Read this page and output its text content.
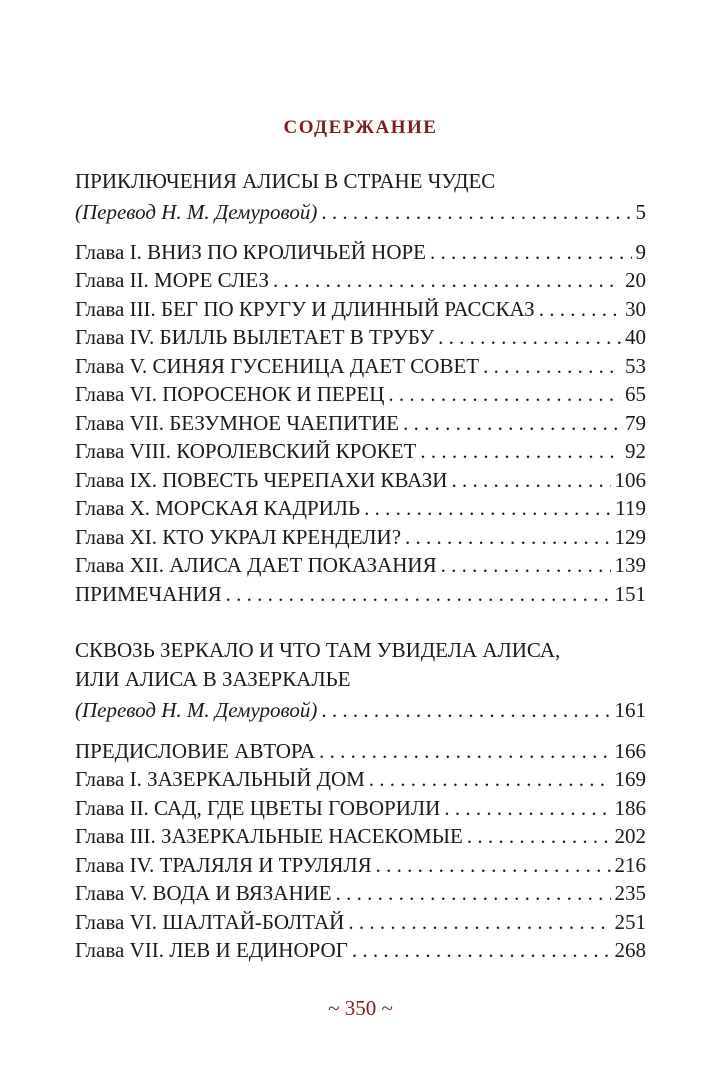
СОДЕРЖАНИЕ
ПРИКЛЮЧЕНИЯ АЛИСЫ В СТРАНЕ ЧУДЕС
(Перевод Н. М. Демуровой) . . .	5
Глава I. ВНИЗ ПО КРОЛИЧЬЕЙ НОРЕ . . .	9
Глава II. МОРЕ СЛЕЗ . . .	20
Глава III. БЕГ ПО КРУГУ И ДЛИННЫЙ РАССКАЗ . . .	30
Глава IV. БИЛЛЬ ВЫЛЕТАЕТ В ТРУБУ . . .	40
Глава V. СИНЯЯ ГУСЕНИЦА ДАЕТ СОВЕТ . . .	53
Глава VI. ПОРОСЕНОК И ПЕРЕЦ . . .	65
Глава VII. БЕЗУМНОЕ ЧАЕПИТИЕ . . .	79
Глава VIII. КОРОЛЕВСКИЙ КРОКЕТ . . .	92
Глава IX. ПОВЕСТЬ ЧЕРЕПАХИ КВАЗИ . . .	106
Глава X. МОРСКАЯ КАДРИЛЬ . . .	119
Глава XI. КТО УКРАЛ КРЕНДЕЛИ? . . .	129
Глава XII. АЛИСА ДАЕТ ПОКАЗАНИЯ . . .	139
ПРИМЕЧАНИЯ . . .	151
СКВОЗЬ ЗЕРКАЛО И ЧТО ТАМ УВИДЕЛА АЛИСА,
ИЛИ АЛИСА В ЗАЗЕРКАЛЬЕ
(Перевод Н. М. Демуровой) . . .	161
ПРЕДИСЛОВИЕ АВТОРА . . .	166
Глава I. ЗАЗЕРКАЛЬНЫЙ ДОМ . . .	169
Глава II. САД, ГДЕ ЦВЕТЫ ГОВОРИЛИ . . .	186
Глава III. ЗАЗЕРКАЛЬНЫЕ НАСЕКОМЫЕ . . .	202
Глава IV. ТРАЛЯЛЯ И ТРУЛЯЛЯ . . .	216
Глава V. ВОДА И ВЯЗАНИЕ . . .	235
Глава VI. ШАЛТАЙ-БОЛТАЙ . . .	251
Глава VII. ЛЕВ И ЕДИНОРОГ . . .	268
~ 350 ~
